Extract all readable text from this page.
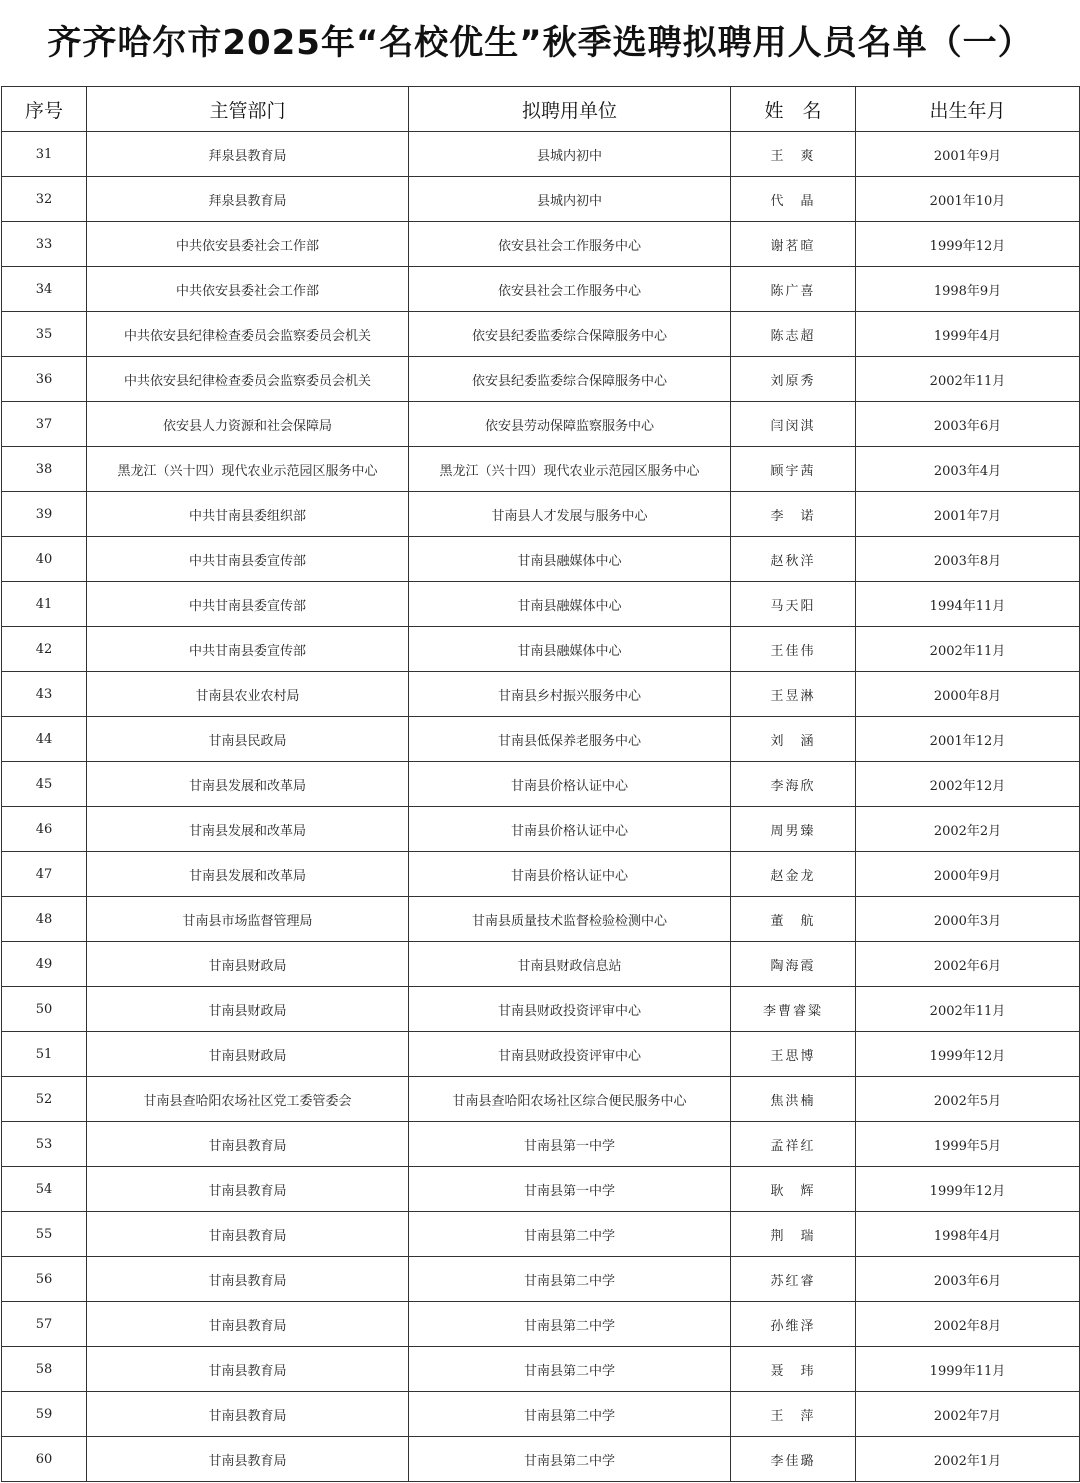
齐齐哈尔市2025年“名校优生”秋季选聘拟聘用人员名单（一）
序号	主管部门	拟聘用单位	姓　名	出生年月
31	拜泉县教育局	县城内初中	王　爽	2001年9月
32	拜泉县教育局	县城内初中	代　晶	2001年10月
33	中共依安县委社会工作部	依安县社会工作服务中心	谢茗暄	1999年12月
34	中共依安县委社会工作部	依安县社会工作服务中心	陈广喜	1998年9月
35	中共依安县纪律检查委员会监察委员会机关	依安县纪委监委综合保障服务中心	陈志超	1999年4月
36	中共依安县纪律检查委员会监察委员会机关	依安县纪委监委综合保障服务中心	刘原秀	2002年11月
37	依安县人力资源和社会保障局	依安县劳动保障监察服务中心	闫闵淇	2003年6月
38	黑龙江（兴十四）现代农业示范园区服务中心	黑龙江（兴十四）现代农业示范园区服务中心	顾宇茜	2003年4月
39	中共甘南县委组织部	甘南县人才发展与服务中心	李　诺	2001年7月
40	中共甘南县委宣传部	甘南县融媒体中心	赵秋洋	2003年8月
41	中共甘南县委宣传部	甘南县融媒体中心	马天阳	1994年11月
42	中共甘南县委宣传部	甘南县融媒体中心	王佳伟	2002年11月
43	甘南县农业农村局	甘南县乡村振兴服务中心	王昱淋	2000年8月
44	甘南县民政局	甘南县低保养老服务中心	刘　涵	2001年12月
45	甘南县发展和改革局	甘南县价格认证中心	李海欣	2002年12月
46	甘南县发展和改革局	甘南县价格认证中心	周男臻	2002年2月
47	甘南县发展和改革局	甘南县价格认证中心	赵金龙	2000年9月
48	甘南县市场监督管理局	甘南县质量技术监督检验检测中心	董　航	2000年3月
49	甘南县财政局	甘南县财政信息站	陶海霞	2002年6月
50	甘南县财政局	甘南县财政投资评审中心	李曹睿粱	2002年11月
51	甘南县财政局	甘南县财政投资评审中心	王思博	1999年12月
52	甘南县查哈阳农场社区党工委管委会	甘南县查哈阳农场社区综合便民服务中心	焦洪楠	2002年5月
53	甘南县教育局	甘南县第一中学	孟祥红	1999年5月
54	甘南县教育局	甘南县第一中学	耿　辉	1999年12月
55	甘南县教育局	甘南县第二中学	荆　瑞	1998年4月
56	甘南县教育局	甘南县第二中学	苏红睿	2003年6月
57	甘南县教育局	甘南县第二中学	孙维泽	2002年8月
58	甘南县教育局	甘南县第二中学	聂　玮	1999年11月
59	甘南县教育局	甘南县第二中学	王　萍	2002年7月
60	甘南县教育局	甘南县第二中学	李佳璐	2002年1月
